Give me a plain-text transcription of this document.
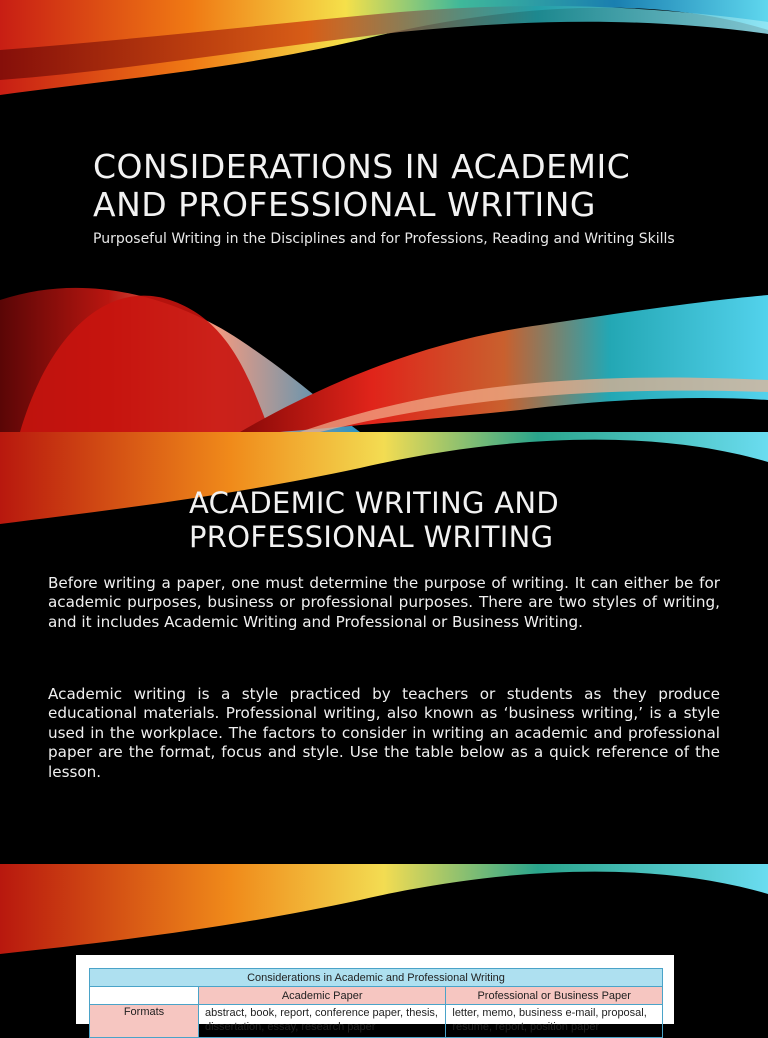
CONSIDERATIONS IN ACADEMIC
AND PROFESSIONAL WRITING

Purposeful Writing in the Disciplines and for Professions, Reading and Writing Skills

ACADEMIC WRITING AND
PROFESSIONAL WRITING

Before writing a paper, one must determine the purpose of writing. It can either be for academic purposes, business or professional purposes. There are two styles of writing, and it includes Academic Writing and Professional or Business Writing.

Academic writing is a style practiced by teachers or students as they produce educational materials. Professional writing, also known as ‘business writing,’ is a style used in the workplace. The factors to consider in writing an academic and professional paper are the format, focus and style. Use the table below as a quick reference of the lesson.

Considerations in Academic and Professional Writing		
	Academic Paper	Professional or Business Paper
Formats	abstract, book, report, conference paper, thesis, dissertation, essay, research paper	letter, memo, business e-mail, proposal, resume, report, position paper
